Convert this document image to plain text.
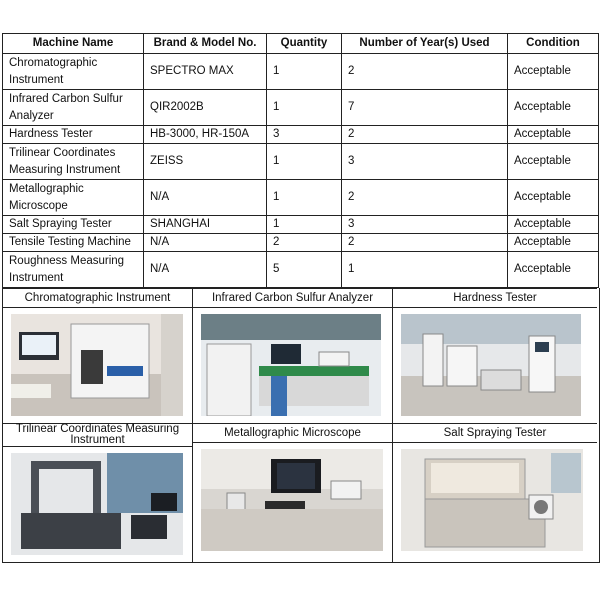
Machine Name	Brand & Model No.	Quantity	Number of Year(s) Used	Condition

Chromatographic
Instrument	SPECTRO MAX	1	2	Acceptable

Infrared Carbon Sulfur
Analyzer	QIR2002B	1	7	Acceptable

Hardness Tester	HB-3000, HR-150A	3	2	Acceptable

Trilinear Coordinates
Measuring Instrument	ZEISS	1	3	Acceptable

Metallographic
Microscope	N/A	1	2	Acceptable

Salt Spraying Tester	SHANGHAI	1	3	Acceptable

Tensile Testing Machine	N/A	2	2	Acceptable

Roughness Measuring
Instrument	N/A	5	1	Acceptable
Chromatographic Instrument	Infrared Carbon Sulfur Analyzer	Hardness Tester
Trilinear Coordinates Measuring Instrument
Metallographic Microscope	Salt Spraying Tester
